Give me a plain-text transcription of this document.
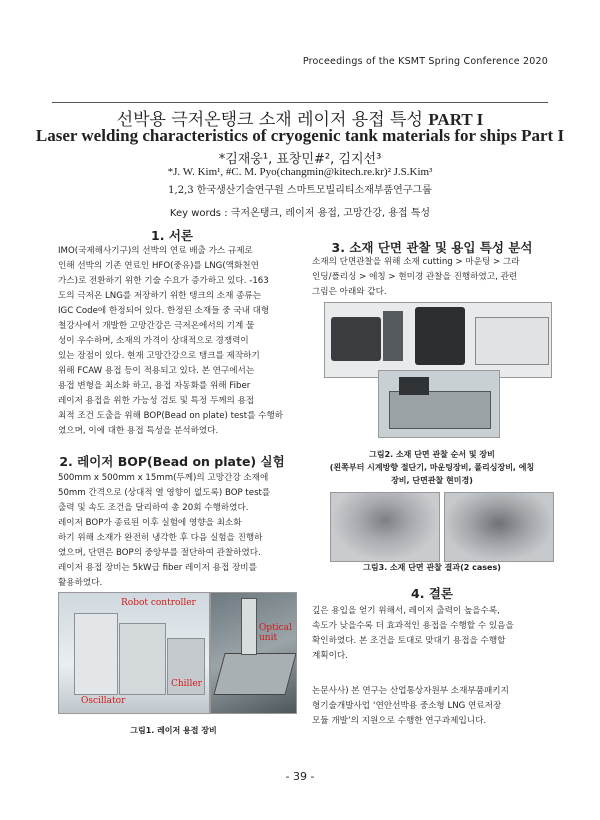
Proceedings of the KSMT Spring Conference 2020
선박용 극저온탱크 소재 레이저 용접 특성 PART I
Laser welding characteristics of cryogenic tank materials for ships Part I
*김재웅¹, 표창민#², 김지선³
*J. W. Kim¹, #C. M. Pyo(changmin@kitech.re.kr)² J.S.Kim³
1,2,3 한국생산기술연구원 스마트모빌리티소재부품연구그룹
Key words : 극저온탱크, 레이저 용접, 고망간강, 용접 특성
1. 서론
IMO(국제해사기구)의 선박의 연료 배출 가스 규제로
인해 선박의 기존 연료인 HFO(중유)를 LNG(액화천연
가스)로 전환하기 위한 기술 수요가 증가하고 있다. -163
도의 극저온 LNG를 저장하기 위한 탱크의 소재 종류는
IGC Code에 한정되어 있다. 한정된 소재들 중 국내 대형
철강사에서 개발한 고망간강은 극저온에서의 기계 물
성이 우수하며, 소재의 가격이 상대적으로 경쟁력이
있는 장점이 있다. 현재 고망간강으로 탱크를 제작하기
위해 FCAW 용접 등이 적용되고 있다. 본 연구에서는
용접 변형을 최소화 하고, 용접 자동화를 위해 Fiber
레이저 용접을 위한 가능성 검토 및 특정 두께의 용접
최적 조건 도출을 위해 BOP(Bead on plate) test를 수행하
였으며, 이에 대한 용접 특성을 분석하였다.
2. 레이저 BOP(Bead on plate) 실험
500mm x 500mm x 15mm(두께)의 고망간강 소재에
50mm 간격으로 (상대적 열 영향이 없도록) BOP test를
출력 및 속도 조건을 달리하여 총 20회 수행하였다.
레이저 BOP가 종료된 이후 실험에 영향을 최소화
하기 위해 소재가 완전히 냉각한 후 다음 실험을 진행하
였으며, 단면은 BOP의 중앙부를 절단하여 관찰하였다.
레이저 용접 장비는 5kW급 fiber 레이저 용접 장비를
활용하였다.
Robot controller
Chiller
Oscillator
Optical unit
그림1. 레이저 용접 장비
3. 소재 단면 관찰 및 용입 특성 분석
소재의 단면관찰을 위해 소재 cutting > 마운팅 > 그라
인딩/폴리싱 > 에칭 > 현미경 관찰을 진행하였고, 관련
그림은 아래와 같다.
그림2. 소재 단면 관찰 순서 및 장비
(왼쪽부터 시계방향 절단기, 마운팅장비, 폴리싱장비, 에칭
장비, 단면관찰 현미경)
그림3. 소재 단면 관찰 결과(2 cases)
4. 결론
깊은 용입을 얻기 위해서, 레이저 출력이 높을수록,
속도가 낮을수록 더 효과적인 용접을 수행할 수 있음을
확인하였다. 본 조건을 토대로 맞대기 용접을 수행할
계획이다.
논문사사) 본 연구는 산업통상자원부 소재부품패키지
형기술개발사업 ‘연안선박용 중소형 LNG 연료저장
모듈 개발’의 지원으로 수행한 연구과제입니다.
- 39 -
